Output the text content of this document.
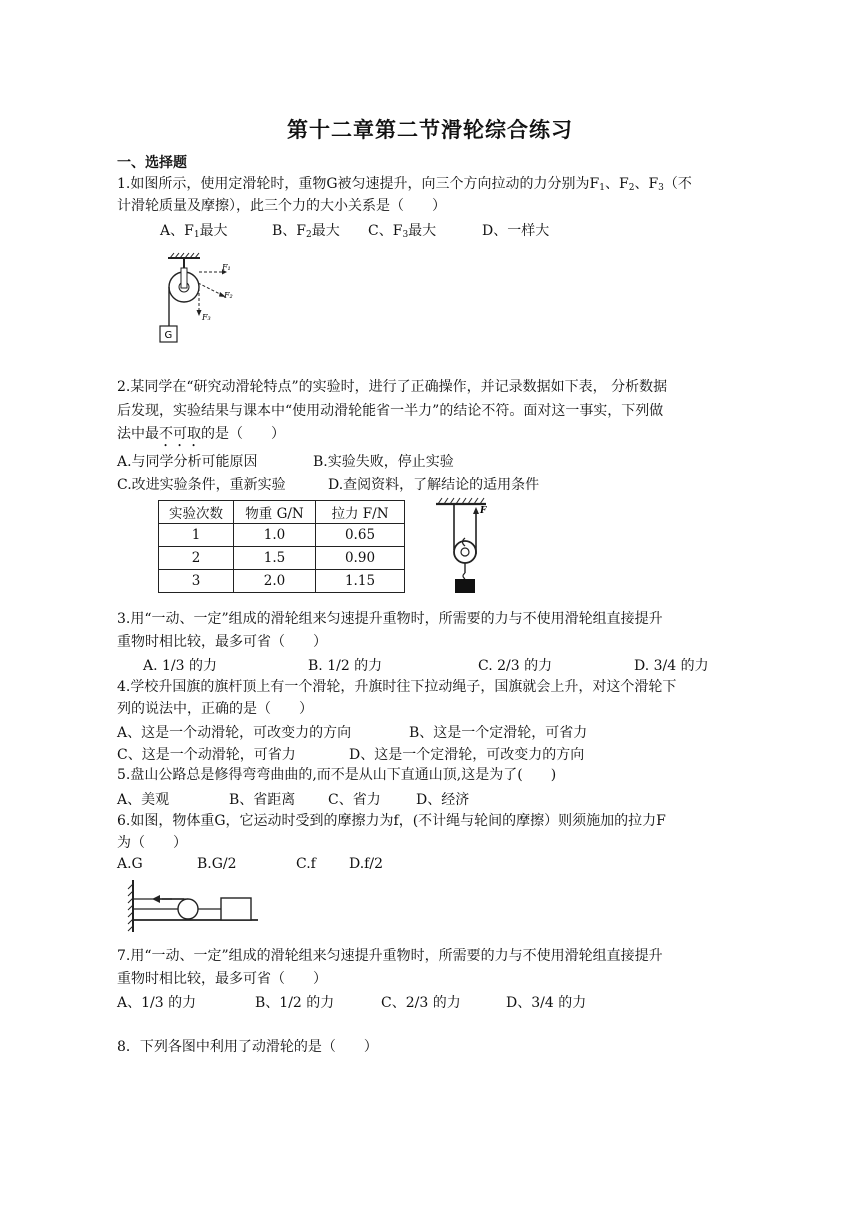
第十二章第二节滑轮综合练习
一、选择题
1.如图所示，使用定滑轮时，重物G被匀速提升，向三个方向拉动的力分别为$F_1$、$F_2$、$F_3$（不
计滑轮质量及摩擦），此三个力的大小关系是（　　）
A、$F_1$最大	B、$F_2$最大 C、$F_3$最大	D、一样大
G
F₁
F₂
F₃
2.某同学在“研究动滑轮特点”的实验时，进行了正确操作，并记录数据如下表， 分析数据
后发现，实验结果与课本中“使用动滑轮能省一半力”的结论不符。面对这一事实，下列做
法中最不可取的是（　　）
A.与同学分析可能原因	B.实验失败，停止实验
C.改进实验条件，重新实验	D.查阅资料，了解结论的适用条件
实验次数	物重 G/N	拉力 F/N
1	1.0	0.65
2	1.5	0.90
3	2.0	1.15
F
3.用“一动、一定”组成的滑轮组来匀速提升重物时，所需要的力与不使用滑轮组直接提升
重物时相比较，最多可省（　　）
A. 1/3 的力	B. 1/2 的力	C. 2/3 的力	D. 3/4 的力
4.学校升国旗的旗杆顶上有一个滑轮，升旗时往下拉动绳子，国旗就会上升，对这个滑轮下
列的说法中，正确的是（　　）
A、这是一个动滑轮，可改变力的方向	B、这是一个定滑轮，可省力
C、这是一个动滑轮，可省力	D、这是一个定滑轮，可改变力的方向
5.盘山公路总是修得弯弯曲曲的,而不是从山下直通山顶,这是为了(　　)
A、美观	B、省距离 C、省力	D、经济
6.如图，物体重G，它运动时受到的摩擦力为f，(不计绳与轮间的摩擦）则须施加的拉力F
为（　　）
A.G	B.G/2	C.f D.f/2
7.用“一动、一定”组成的滑轮组来匀速提升重物时，所需要的力与不使用滑轮组直接提升
重物时相比较，最多可省（　　）
A、1/3 的力	B、1/2 的力	C、2/3 的力	D、3/4 的力
8．下列各图中利用了动滑轮的是（　　）
